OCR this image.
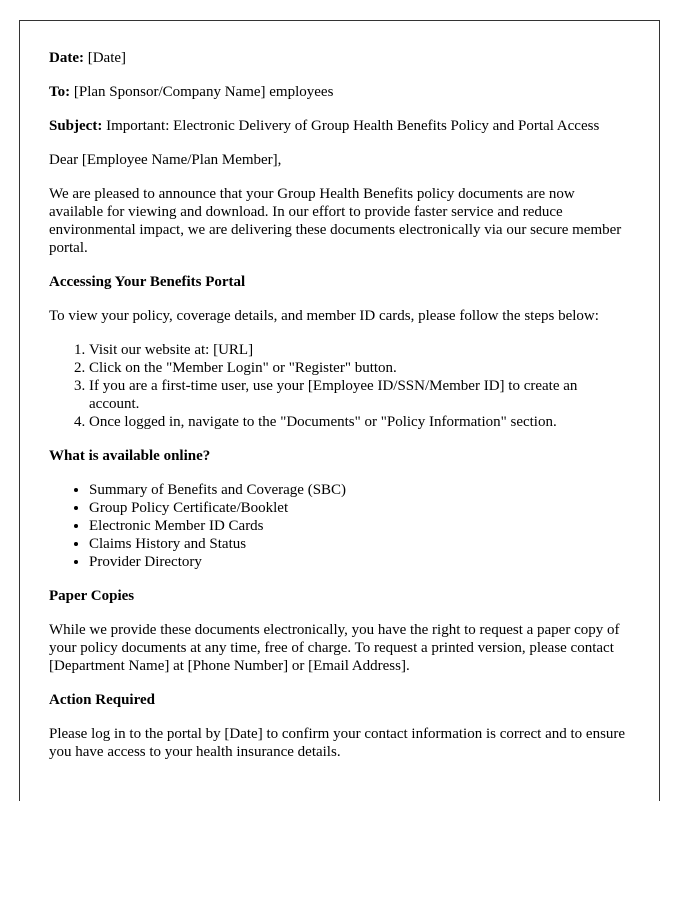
Date: [Date]

To: [Plan Sponsor/Company Name] employees

Subject: Important: Electronic Delivery of Group Health Benefits Policy and Portal Access

Dear [Employee Name/Plan Member],

We are pleased to announce that your Group Health Benefits policy documents are now available for viewing and download. In our effort to provide faster service and reduce environmental impact, we are delivering these documents electronically via our secure member portal.

Accessing Your Benefits Portal

To view your policy, coverage details, and member ID cards, please follow the steps below:

1. Visit our website at: [URL]
2. Click on the "Member Login" or "Register" button.
3. If you are a first-time user, use your [Employee ID/SSN/Member ID] to create an account.
4. Once logged in, navigate to the "Documents" or "Policy Information" section.
What is available online?
• Summary of Benefits and Coverage (SBC)
• Group Policy Certificate/Booklet
• Electronic Member ID Cards
• Claims History and Status
• Provider Directory
Paper Copies

While we provide these documents electronically, you have the right to request a paper copy of your policy documents at any time, free of charge. To request a printed version, please contact [Department Name] at [Phone Number] or [Email Address].

Action Required

Please log in to the portal by [Date] to confirm your contact information is correct and to ensure you have access to your health insurance details.
